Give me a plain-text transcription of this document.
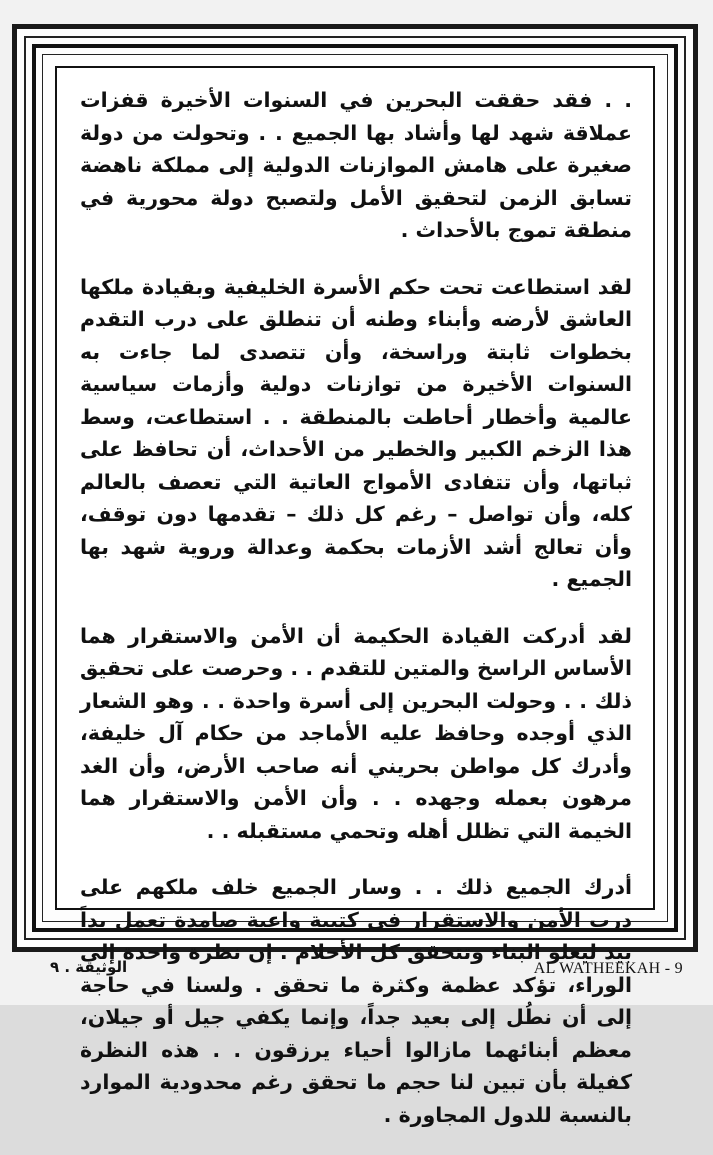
. . فقد حققت البحرين في السنوات الأخيرة قفزات عملاقة شهد لها وأشاد بها الجميع . . وتحولت من دولة صغيرة على هامش الموازنات الدولية إلى مملكة ناهضة تسابق الزمن لتحقيق الأمل ولتصبح دولة محورية في منطقة تموج بالأحداث .

لقد استطاعت تحت حكم الأسرة الخليفية وبقيادة ملكها العاشق لأرضه وأبناء وطنه أن تنطلق على درب التقدم بخطوات ثابتة وراسخة، وأن تتصدى لما جاءت به السنوات الأخيرة من توازنات دولية وأزمات سياسية عالمية وأخطار أحاطت بالمنطقة . . استطاعت، وسط هذا الزخم الكبير والخطير من الأحداث، أن تحافظ على ثباتها، وأن تتفادى الأمواج العاتية التي تعصف بالعالم كله، وأن تواصل – رغم كل ذلك – تقدمها دون توقف، وأن تعالج أشد الأزمات بحكمة وعدالة وروية شهد بها الجميع .

لقد أدركت القيادة الحكيمة أن الأمن والاستقرار هما الأساس الراسخ والمتين للتقدم . . وحرصت على تحقيق ذلك . . وحولت البحرين إلى أسرة واحدة . . وهو الشعار الذي أوجده وحافظ عليه الأماجد من حكام آل خليفة، وأدرك كل مواطن بحريني أنه صاحب الأرض، وأن الغد مرهون بعمله وجهده . . وأن الأمن والاستقرار هما الخيمة التي تظلل أهله وتحمي مستقبله . .

أدرك الجميع ذلك . . وسار الجميع خلف ملكهم على درب الأمن والاستقرار في كتيبة واعية صامدة تعمل يداً بيد ليعلو البناء وتتحقق كل الأحلام . إن نظرة واحدة إلى الوراء، تؤكد عظمة وكثرة ما تحقق . ولسنا في حاجة إلى أن نطُل إلى بعيد جداً، وإنما يكفي جيل أو جيلان، معظم أبنائهما مازالوا أحياء يرزقون . . هذه النظرة كفيلة بأن تبين لنا حجم ما تحقق رغم محدودية الموارد بالنسبة للدول المجاورة .

AL WATHEEKAH - 9
الوثيقة . ٩
